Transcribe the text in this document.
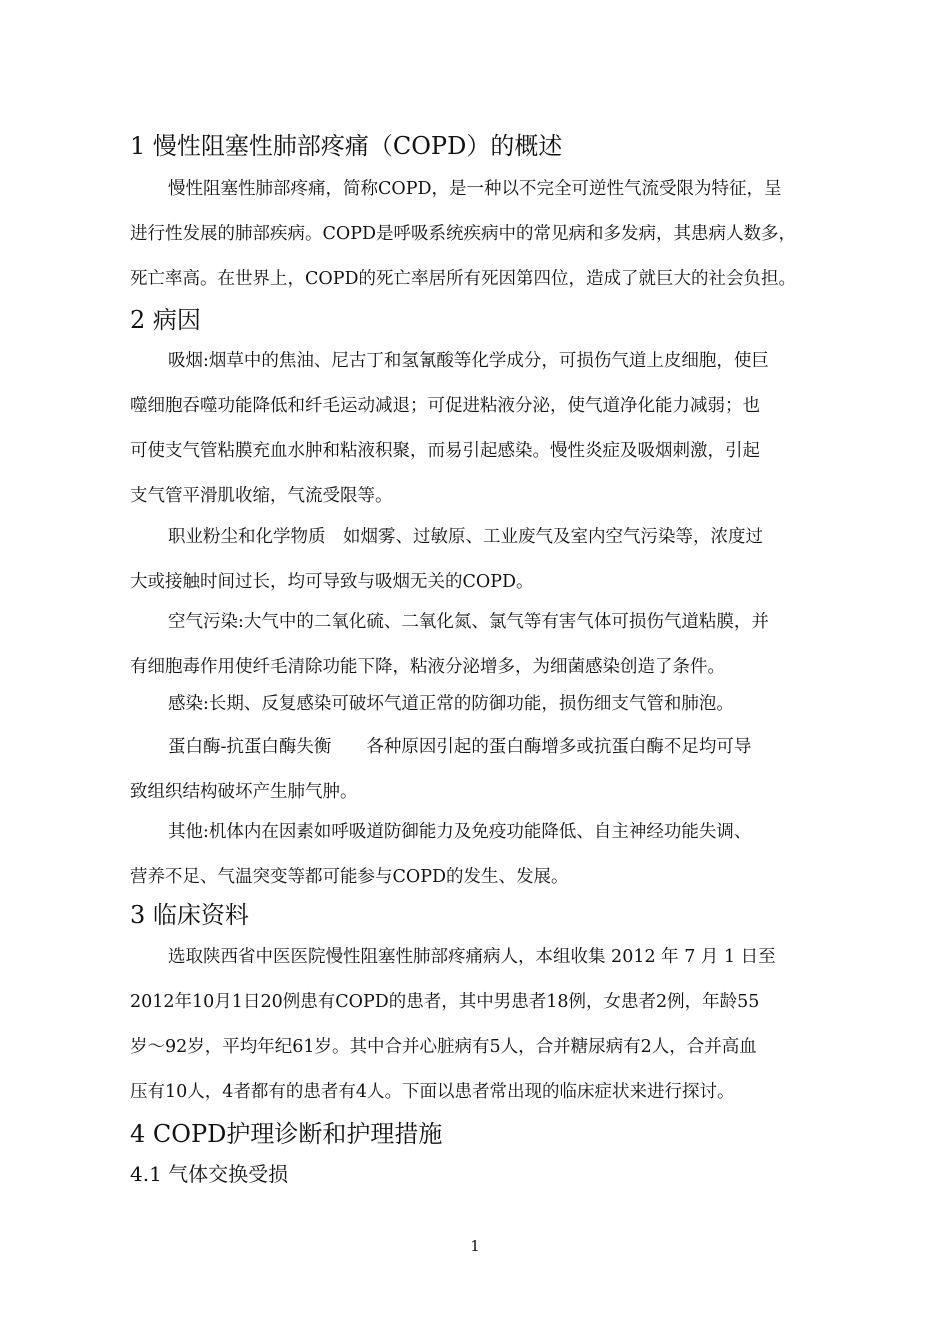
1 慢性阻塞性肺部疼痛（COPD）的概述
慢性阻塞性肺部疼痛，简称COPD，是一种以不完全可逆性气流受限为特征，呈
进行性发展的肺部疾病。COPD是呼吸系统疾病中的常见病和多发病，其患病人数多，
死亡率高。在世界上，COPD的死亡率居所有死因第四位，造成了就巨大的社会负担。
2 病因
吸烟:烟草中的焦油、尼古丁和氢氰酸等化学成分，可损伤气道上皮细胞，使巨
噬细胞吞噬功能降低和纤毛运动减退；可促进粘液分泌，使气道净化能力减弱；也
可使支气管粘膜充血水肿和粘液积聚，而易引起感染。慢性炎症及吸烟刺激，引起
支气管平滑肌收缩，气流受限等。
职业粉尘和化学物质　如烟雾、过敏原、工业废气及室内空气污染等，浓度过
大或接触时间过长，均可导致与吸烟无关的COPD。
空气污染:大气中的二氧化硫、二氧化氮、氯气等有害气体可损伤气道粘膜，并
有细胞毒作用使纤毛清除功能下降，粘液分泌增多，为细菌感染创造了条件。
感染:长期、反复感染可破坏气道正常的防御功能，损伤细支气管和肺泡。
蛋白酶-抗蛋白酶失衡　　各种原因引起的蛋白酶增多或抗蛋白酶不足均可导
致组织结构破坏产生肺气肿。
其他:机体内在因素如呼吸道防御能力及免疫功能降低、自主神经功能失调、
营养不足、气温突变等都可能参与COPD的发生、发展。
3 临床资料
选取陕西省中医医院慢性阻塞性肺部疼痛病人，本组收集 2012 年 7 月 1 日至
2012年10月1日20例患有COPD的患者，其中男患者18例，女患者2例，年龄55
岁～92岁，平均年纪61岁。其中合并心脏病有5人，合并糖尿病有2人，合并高血
压有10人，4者都有的患者有4人。下面以患者常出现的临床症状来进行探讨。
4 COPD护理诊断和护理措施
4.1 气体交换受损
1
